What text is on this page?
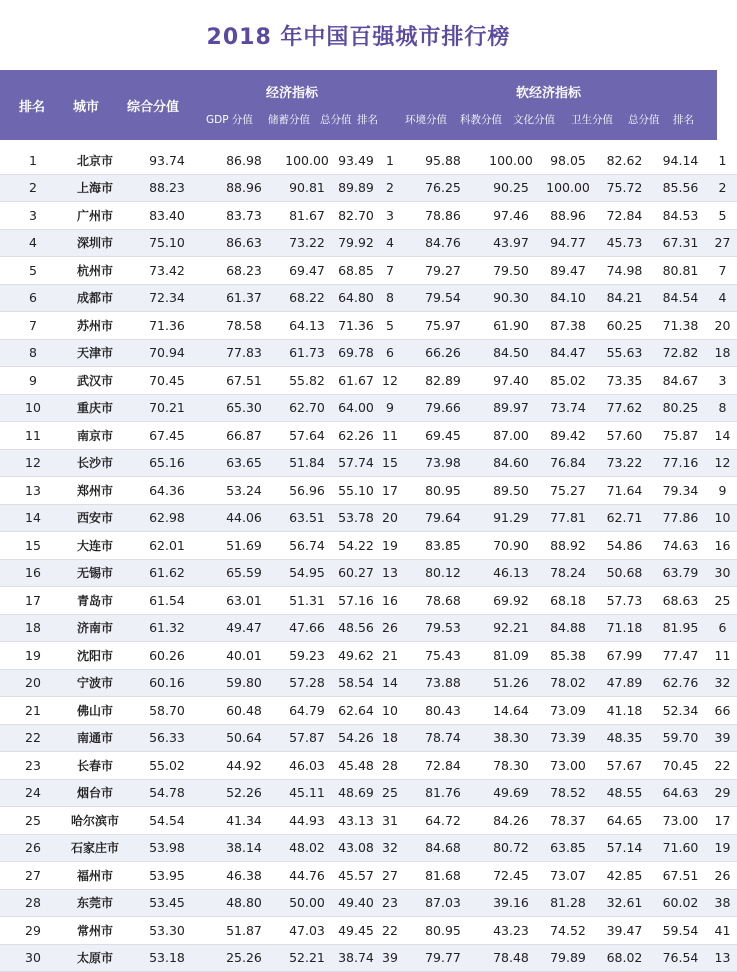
2018 年中国百强城市排行榜
排名 城市 综合分值
经济指标	软经济指标
GDP 分值 储蓄分值 总分值 排名	环境分值 科教分值 文化分值 卫生分值 总分值 排名
1	北京市	93.74	86.98	100.00	93.49	1	95.88	100.00	98.05	82.62	94.14	1
2	上海市	88.23	88.96	90.81	89.89	2	76.25	90.25	100.00	75.72	85.56	2
3	广州市	83.40	83.73	81.67	82.70	3	78.86	97.46	88.96	72.84	84.53	5
4	深圳市	75.10	86.63	73.22	79.92	4	84.76	43.97	94.77	45.73	67.31	27
5	杭州市	73.42	68.23	69.47	68.85	7	79.27	79.50	89.47	74.98	80.81	7
6	成都市	72.34	61.37	68.22	64.80	8	79.54	90.30	84.10	84.21	84.54	4
7	苏州市	71.36	78.58	64.13	71.36	5	75.97	61.90	87.38	60.25	71.38	20
8	天津市	70.94	77.83	61.73	69.78	6	66.26	84.50	84.47	55.63	72.82	18
9	武汉市	70.45	67.51	55.82	61.67	12	82.89	97.40	85.02	73.35	84.67	3
10	重庆市	70.21	65.30	62.70	64.00	9	79.66	89.97	73.74	77.62	80.25	8
11	南京市	67.45	66.87	57.64	62.26	11	69.45	87.00	89.42	57.60	75.87	14
12	长沙市	65.16	63.65	51.84	57.74	15	73.98	84.60	76.84	73.22	77.16	12
13	郑州市	64.36	53.24	56.96	55.10	17	80.95	89.50	75.27	71.64	79.34	9
14	西安市	62.98	44.06	63.51	53.78	20	79.64	91.29	77.81	62.71	77.86	10
15	大连市	62.01	51.69	56.74	54.22	19	83.85	70.90	88.92	54.86	74.63	16
16	无锡市	61.62	65.59	54.95	60.27	13	80.12	46.13	78.24	50.68	63.79	30
17	青岛市	61.54	63.01	51.31	57.16	16	78.68	69.92	68.18	57.73	68.63	25
18	济南市	61.32	49.47	47.66	48.56	26	79.53	92.21	84.88	71.18	81.95	6
19	沈阳市	60.26	40.01	59.23	49.62	21	75.43	81.09	85.38	67.99	77.47	11
20	宁波市	60.16	59.80	57.28	58.54	14	73.88	51.26	78.02	47.89	62.76	32
21	佛山市	58.70	60.48	64.79	62.64	10	80.43	14.64	73.09	41.18	52.34	66
22	南通市	56.33	50.64	57.87	54.26	18	78.74	38.30	73.39	48.35	59.70	39
23	长春市	55.02	44.92	46.03	45.48	28	72.84	78.30	73.00	57.67	70.45	22
24	烟台市	54.78	52.26	45.11	48.69	25	81.76	49.69	78.52	48.55	64.63	29
25	哈尔滨市	54.54	41.34	44.93	43.13	31	64.72	84.26	78.37	64.65	73.00	17
26	石家庄市	53.98	38.14	48.02	43.08	32	84.68	80.72	63.85	57.14	71.60	19
27	福州市	53.95	46.38	44.76	45.57	27	81.68	72.45	73.07	42.85	67.51	26
28	东莞市	53.45	48.80	50.00	49.40	23	87.03	39.16	81.28	32.61	60.02	38
29	常州市	53.30	51.87	47.03	49.45	22	80.95	43.23	74.52	39.47	59.54	41
30	太原市	53.18	25.26	52.21	38.74	39	79.77	78.48	79.89	68.02	76.54	13
